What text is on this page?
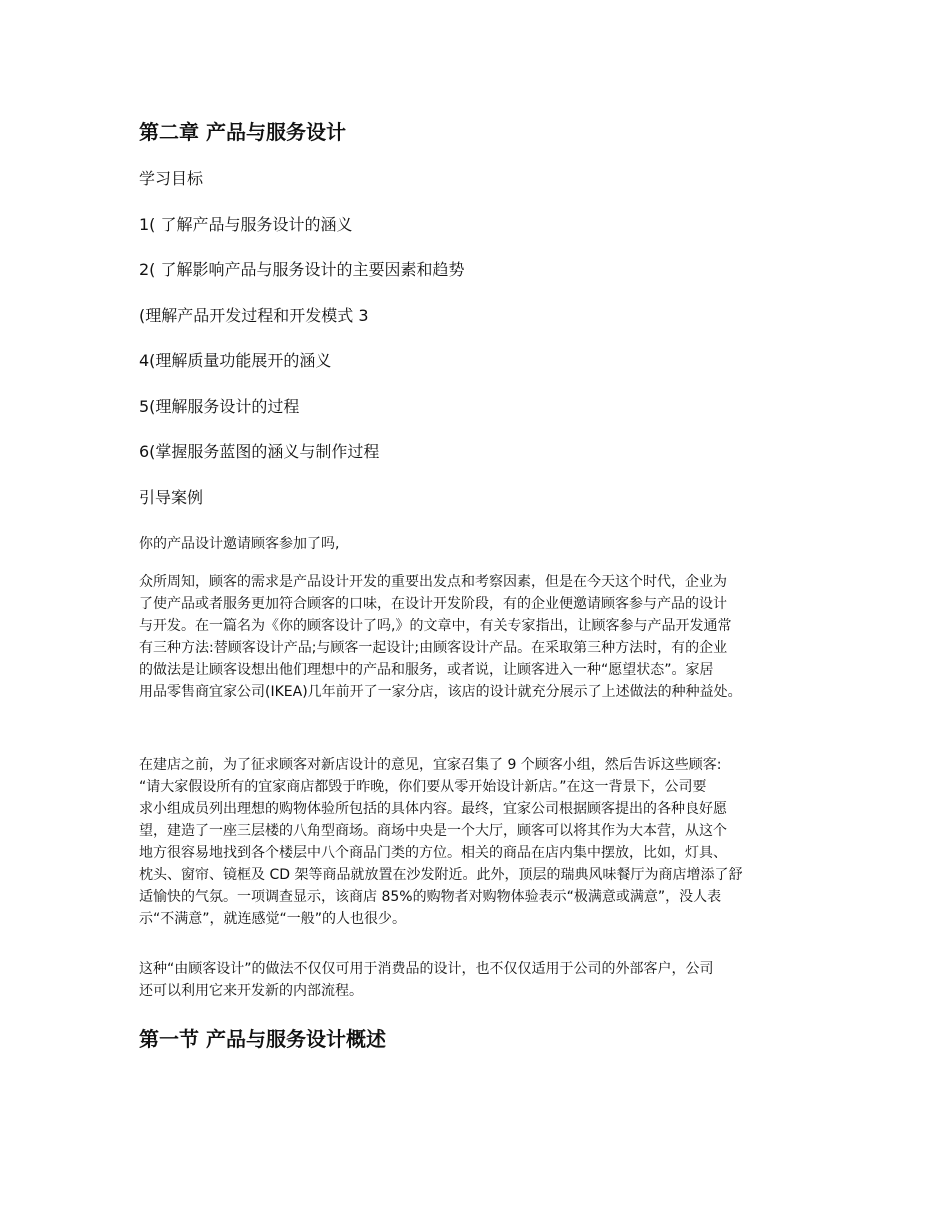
第二章 产品与服务设计
学习目标
1( 了解产品与服务设计的涵义
2( 了解影响产品与服务设计的主要因素和趋势
(理解产品开发过程和开发模式 3
4(理解质量功能展开的涵义
5(理解服务设计的过程
6(掌握服务蓝图的涵义与制作过程
引导案例
你的产品设计邀请顾客参加了吗,
众所周知，顾客的需求是产品设计开发的重要出发点和考察因素，但是在今天这个时代，企业为
了使产品或者服务更加符合顾客的口味，在设计开发阶段，有的企业便邀请顾客参与产品的设计
与开发。在一篇名为《你的顾客设计了吗,》的文章中，有关专家指出，让顾客参与产品开发通常
有三种方法:替顾客设计产品;与顾客一起设计;由顾客设计产品。在采取第三种方法时，有的企业
的做法是让顾客设想出他们理想中的产品和服务，或者说，让顾客进入一种“愿望状态”。家居
用品零售商宜家公司(IKEA)几年前开了一家分店，该店的设计就充分展示了上述做法的种种益处。
在建店之前，为了征求顾客对新店设计的意见，宜家召集了 9 个顾客小组，然后告诉这些顾客:
“请大家假设所有的宜家商店都毁于昨晚，你们要从零开始设计新店。”在这一背景下，公司要
求小组成员列出理想的购物体验所包括的具体内容。最终，宜家公司根据顾客提出的各种良好愿
望，建造了一座三层楼的八角型商场。商场中央是一个大厅，顾客可以将其作为大本营，从这个
地方很容易地找到各个楼层中八个商品门类的方位。相关的商品在店内集中摆放，比如，灯具、
枕头、窗帘、镜框及 CD 架等商品就放置在沙发附近。此外，顶层的瑞典风味餐厅为商店增添了舒
适愉快的气氛。一项调查显示，该商店 85%的购物者对购物体验表示“极满意或满意”，没人表
示“不满意”，就连感觉“一般”的人也很少。
这种“由顾客设计”的做法不仅仅可用于消费品的设计，也不仅仅适用于公司的外部客户，公司
还可以利用它来开发新的内部流程。
第一节 产品与服务设计概述
